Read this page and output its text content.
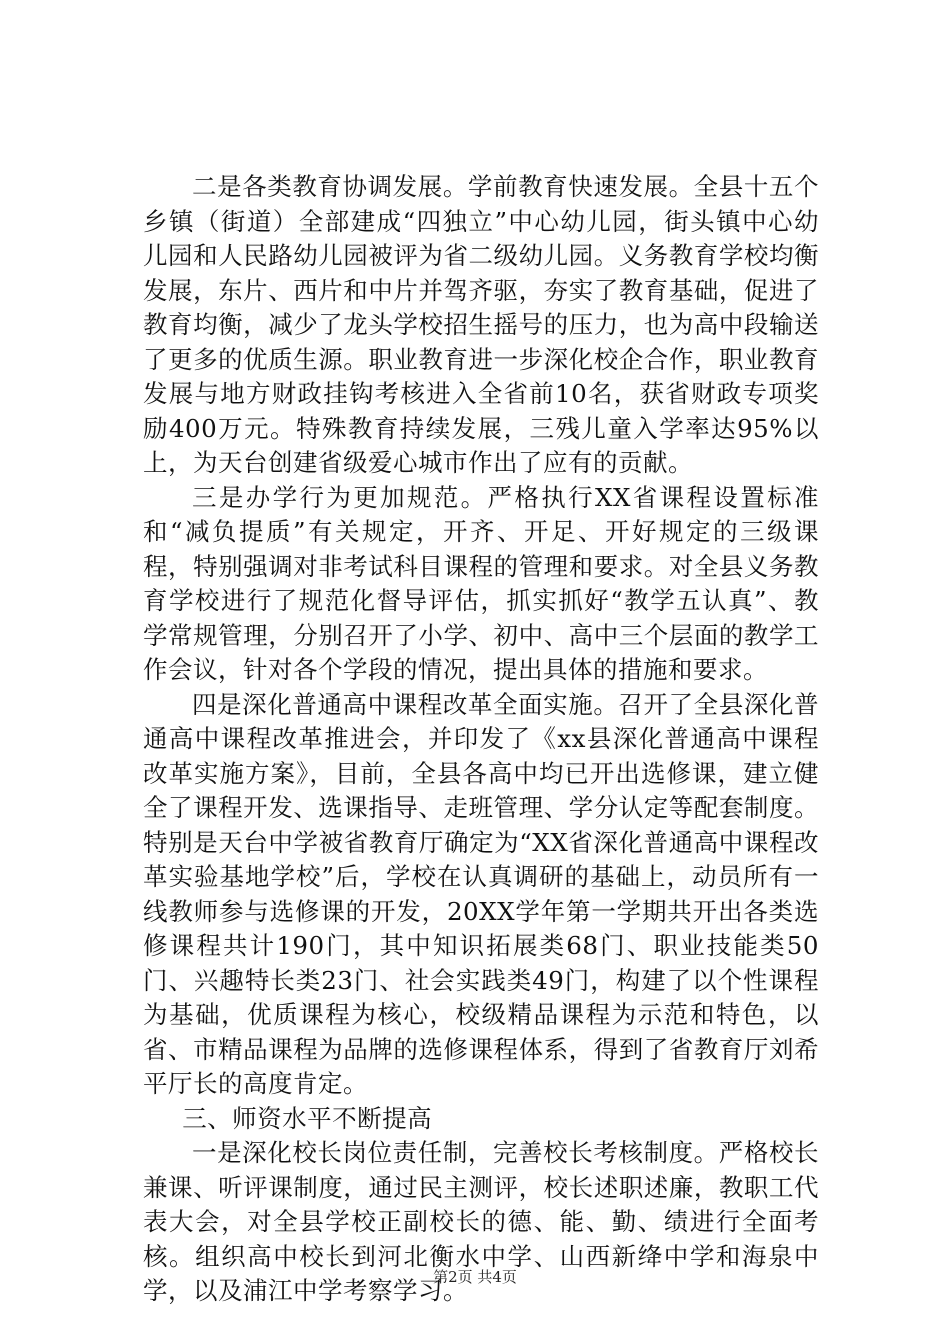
二是各类教育协调发展。学前教育快速发展。全县十五个乡镇（街道）全部建成“四独立”中心幼儿园，街头镇中心幼儿园和人民路幼儿园被评为省二级幼儿园。义务教育学校均衡发展，东片、西片和中片并驾齐驱，夯实了教育基础，促进了教育均衡，减少了龙头学校招生摇号的压力，也为高中段输送了更多的优质生源。职业教育进一步深化校企合作，职业教育发展与地方财政挂钩考核进入全省前10名，获省财政专项奖励400万元。特殊教育持续发展，三残儿童入学率达95%以上，为天台创建省级爱心城市作出了应有的贡献。

三是办学行为更加规范。严格执行XX省课程设置标准和“减负提质”有关规定，开齐、开足、开好规定的三级课程，特别强调对非考试科目课程的管理和要求。对全县义务教育学校进行了规范化督导评估，抓实抓好“教学五认真”、教学常规管理，分别召开了小学、初中、高中三个层面的教学工作会议，针对各个学段的情况，提出具体的措施和要求。

四是深化普通高中课程改革全面实施。召开了全县深化普通高中课程改革推进会，并印发了《xx县深化普通高中课程改革实施方案》，目前，全县各高中均已开出选修课，建立健全了课程开发、选课指导、走班管理、学分认定等配套制度。特别是天台中学被省教育厅确定为“XX省深化普通高中课程改革实验基地学校”后，学校在认真调研的基础上，动员所有一线教师参与选修课的开发，20XX学年第一学期共开出各类选修课程共计190门，其中知识拓展类68门、职业技能类50门、兴趣特长类23门、社会实践类49门，构建了以个性课程为基础，优质课程为核心，校级精品课程为示范和特色，以省、市精品课程为品牌的选修课程体系，得到了省教育厅刘希平厅长的高度肯定。

三、师资水平不断提高

一是深化校长岗位责任制，完善校长考核制度。严格校长兼课、听评课制度，通过民主测评，校长述职述廉，教职工代表大会，对全县学校正副校长的德、能、勤、绩进行全面考核。组织高中校长到河北衡水中学、山西新绛中学和海泉中学，以及浦江中学考察学习。

第2页 共4页
